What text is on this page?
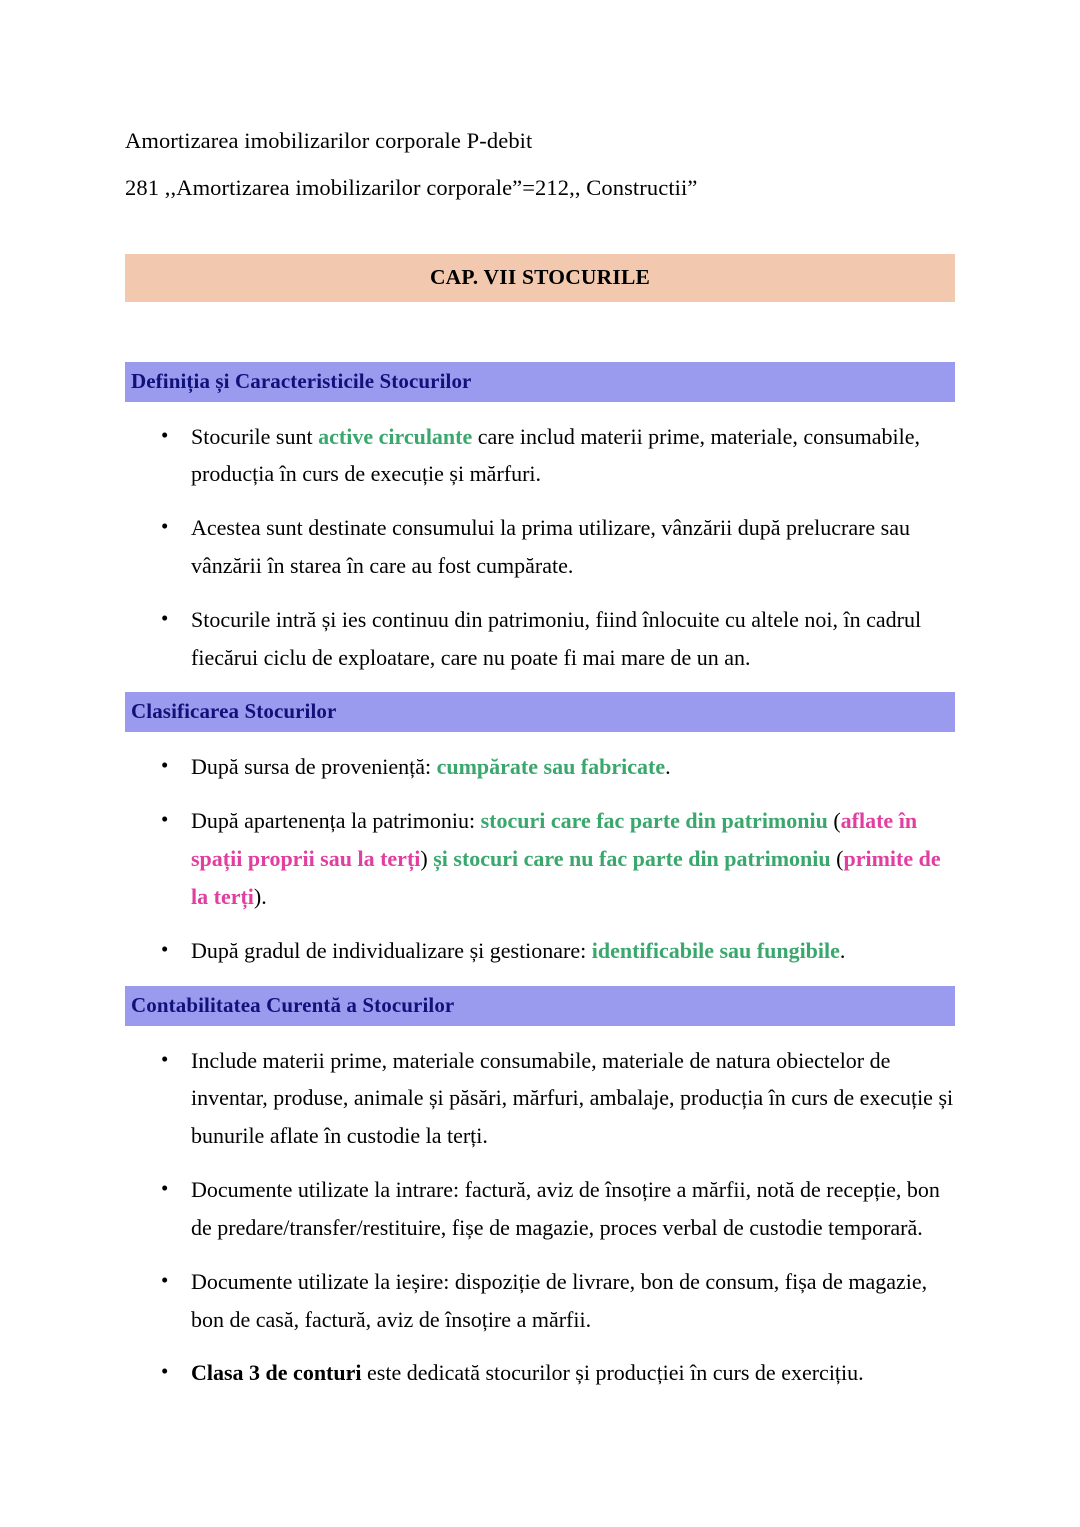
Amortizarea imobilizarilor corporale P-debit

281 ,,Amortizarea imobilizarilor corporale”=212,, Constructii”

CAP. VII STOCURILE
Definiția și Caracteristicile Stocurilor
• Stocurile sunt active circulante care includ materii prime, materiale, consumabile, producția în curs de execuție și mărfuri.
• Acestea sunt destinate consumului la prima utilizare, vânzării după prelucrare sau vânzării în starea în care au fost cumpărate.
• Stocurile intră și ies continuu din patrimoniu, fiind înlocuite cu altele noi, în cadrul fiecărui ciclu de exploatare, care nu poate fi mai mare de un an.
Clasificarea Stocurilor
• După sursa de proveniență: cumpărate sau fabricate.
• După apartenența la patrimoniu: stocuri care fac parte din patrimoniu (aflate în spații proprii sau la terți) și stocuri care nu fac parte din patrimoniu (primite de la terți).
• După gradul de individualizare și gestionare: identificabile sau fungibile.
Contabilitatea Curentă a Stocurilor
• Include materii prime, materiale consumabile, materiale de natura obiectelor de inventar, produse, animale și păsări, mărfuri, ambalaje, producția în curs de execuție și bunurile aflate în custodie la terți.
• Documente utilizate la intrare: factură, aviz de însoțire a mărfii, notă de recepție, bon de predare/transfer/restituire, fișe de magazie, proces verbal de custodie temporară.
• Documente utilizate la ieșire: dispoziție de livrare, bon de consum, fișa de magazie, bon de casă, factură, aviz de însoțire a mărfii.
• Clasa 3 de conturi este dedicată stocurilor și producției în curs de exercițiu.
